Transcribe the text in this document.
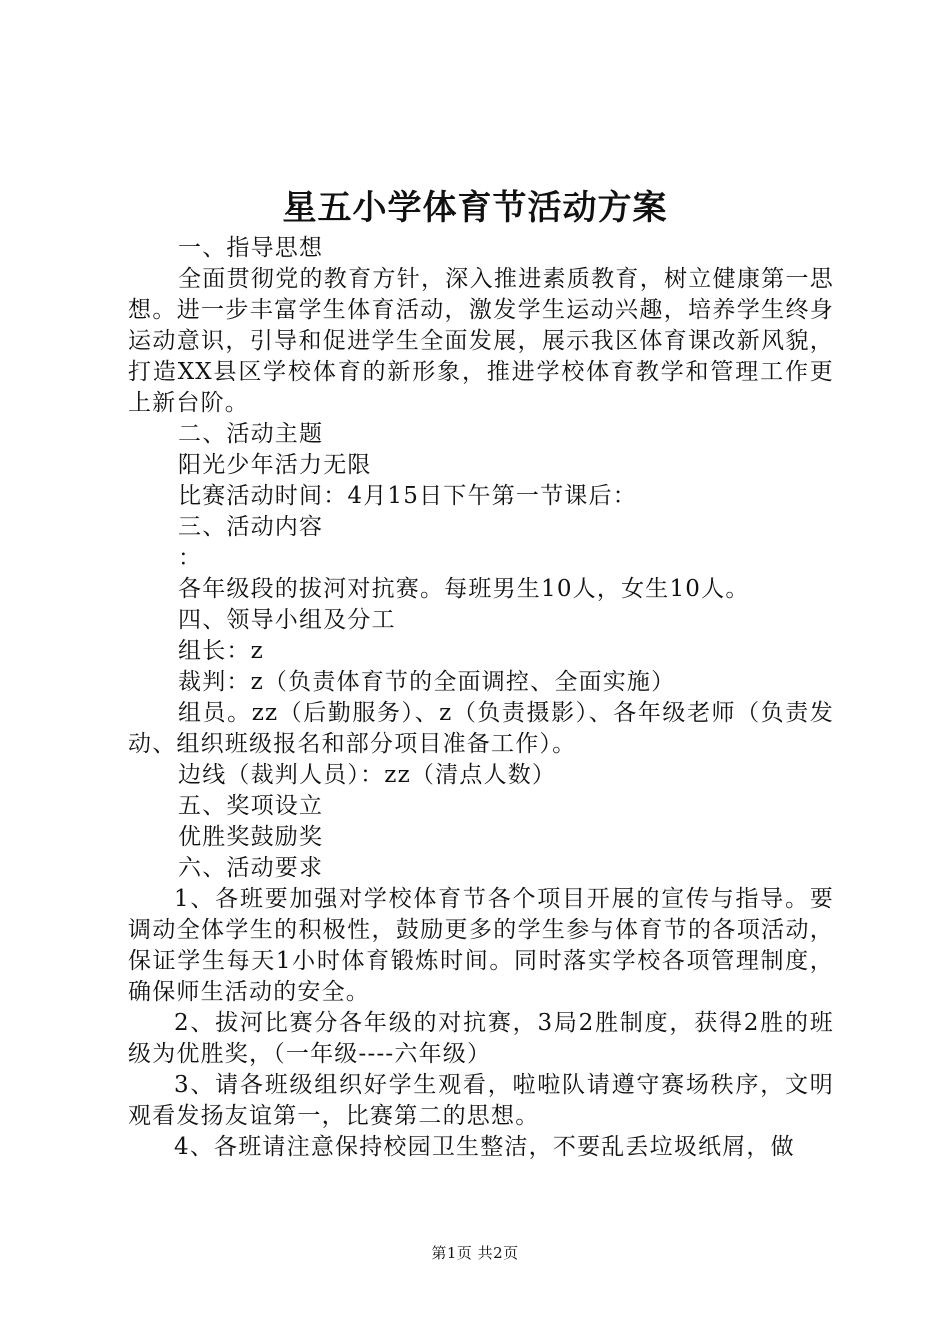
星五小学体育节活动方案

一、指导思想

全面贯彻党的教育方针，深入推进素质教育，树立健康第一思想。进一步丰富学生体育活动，激发学生运动兴趣，培养学生终身运动意识，引导和促进学生全面发展，展示我区体育课改新风貌，打造XX县区学校体育的新形象，推进学校体育教学和管理工作更上新台阶。

二、活动主题

阳光少年活力无限

比赛活动时间：4月15日下午第一节课后：

三、活动内容

：

各年级段的拔河对抗赛。每班男生10人，女生10人。

四、领导小组及分工

组长：z

裁判：z（负责体育节的全面调控、全面实施）

组员。zz（后勤服务）、z（负责摄影）、各年级老师（负责发动、组织班级报名和部分项目准备工作）。

边线（裁判人员）：zz（清点人数）

五、奖项设立

优胜奖鼓励奖

六、活动要求

1、各班要加强对学校体育节各个项目开展的宣传与指导。要调动全体学生的积极性，鼓励更多的学生参与体育节的各项活动，保证学生每天1小时体育锻炼时间。同时落实学校各项管理制度，确保师生活动的安全。

2、拔河比赛分各年级的对抗赛，3局2胜制度，获得2胜的班级为优胜奖，（一年级----六年级）

3、请各班级组织好学生观看，啦啦队请遵守赛场秩序，文明观看发扬友谊第一，比赛第二的思想。

4、各班请注意保持校园卫生整洁，不要乱丢垃圾纸屑，做

第1页 共2页
